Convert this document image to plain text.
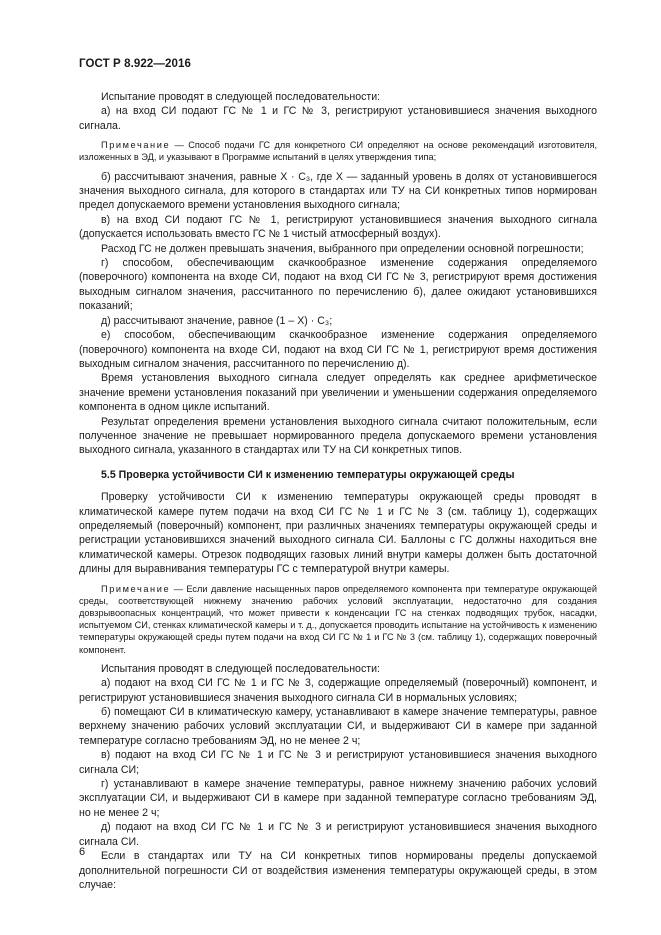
ГОСТ Р 8.922—2016

Испытание проводят в следующей последовательности:

а) на вход СИ подают ГС № 1 и ГС № 3, регистрируют установившиеся значения выходного сигнала.

Примечание — Способ подачи ГС для конкретного СИ определяют на основе рекомендаций изготовителя, изложенных в ЭД, и указывают в Программе испытаний в целях утверждения типа;

б) рассчитывают значения, равные X · C₃, где X — заданный уровень в долях от установившегося значения выходного сигнала, для которого в стандартах или ТУ на СИ конкретных типов нормирован предел допускаемого времени установления выходного сигнала;

в) на вход СИ подают ГС № 1, регистрируют установившиеся значения выходного сигнала (допускается использовать вместо ГС № 1 чистый атмосферный воздух).

Расход ГС не должен превышать значения, выбранного при определении основной погрешности;

г) способом, обеспечивающим скачкообразное изменение содержания определяемого (поверочного) компонента на входе СИ, подают на вход СИ ГС № 3, регистрируют время достижения выходным сигналом значения, рассчитанного по перечислению б), далее ожидают установившихся показаний;

д) рассчитывают значение, равное (1 – X) · C₃;

е) способом, обеспечивающим скачкообразное изменение содержания определяемого (поверочного) компонента на входе СИ, подают на вход СИ ГС № 1, регистрируют время достижения выходным сигналом значения, рассчитанного по перечислению д).

Время установления выходного сигнала следует определять как среднее арифметическое значение времени установления показаний при увеличении и уменьшении содержания определяемого компонента в одном цикле испытаний.

Результат определения времени установления выходного сигнала считают положительным, если полученное значение не превышает нормированного предела допускаемого времени установления выходного сигнала, указанного в стандартах или ТУ на СИ конкретных типов.

5.5 Проверка устойчивости СИ к изменению температуры окружающей среды

Проверку устойчивости СИ к изменению температуры окружающей среды проводят в климатической камере путем подачи на вход СИ ГС № 1 и ГС № 3 (см. таблицу 1), содержащих определяемый (поверочный) компонент, при различных значениях температуры окружающей среды и регистрации установившихся значений выходного сигнала СИ. Баллоны с ГС должны находиться вне климатической камеры. Отрезок подводящих газовых линий внутри камеры должен быть достаточной длины для выравнивания температуры ГС с температурой внутри камеры.

Примечание — Если давление насыщенных паров определяемого компонента при температуре окружающей среды, соответствующей нижнему значению рабочих условий эксплуатации, недостаточно для создания довзрывоопасных концентраций, что может привести к конденсации ГС на стенках подводящих трубок, насадки, испытуемом СИ, стенках климатической камеры и т. д., допускается проводить испытание на устойчивость к изменению температуры окружающей среды путем подачи на вход СИ ГС № 1 и ГС № 3 (см. таблицу 1), содержащих поверочный компонент.

Испытания проводят в следующей последовательности:

а) подают на вход СИ ГС № 1 и ГС № 3, содержащие определяемый (поверочный) компонент, и регистрируют установившиеся значения выходного сигнала СИ в нормальных условиях;

б) помещают СИ в климатическую камеру, устанавливают в камере значение температуры, равное верхнему значению рабочих условий эксплуатации СИ, и выдерживают СИ в камере при заданной температуре согласно требованиям ЭД, но не менее 2 ч;

в) подают на вход СИ ГС № 1 и ГС № 3 и регистрируют установившиеся значения выходного сигнала СИ;

г) устанавливают в камере значение температуры, равное нижнему значению рабочих условий эксплуатации СИ, и выдерживают СИ в камере при заданной температуре согласно требованиям ЭД, но не менее 2 ч;

д) подают на вход СИ ГС № 1 и ГС № 3 и регистрируют установившиеся значения выходного сигнала СИ.

Если в стандартах или ТУ на СИ конкретных типов нормированы пределы допускаемой дополнительной погрешности СИ от воздействия изменения температуры окружающей среды, в этом случае:

6
